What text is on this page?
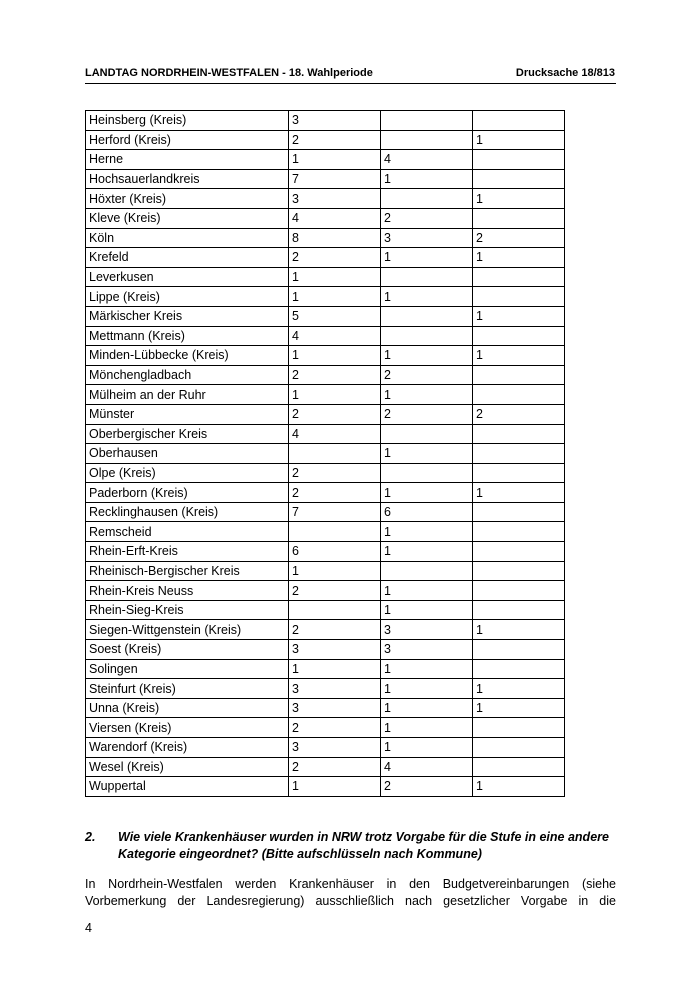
LANDTAG NORDRHEIN-WESTFALEN - 18. Wahlperiode	Drucksache 18/813
Heinsberg (Kreis)	3		
Herford (Kreis)	2		1
Herne	1	4	
Hochsauerlandkreis	7	1	
Höxter (Kreis)	3		1
Kleve (Kreis)	4	2	
Köln	8	3	2
Krefeld	2	1	1
Leverkusen	1		
Lippe (Kreis)	1	1	
Märkischer Kreis	5		1
Mettmann (Kreis)	4		
Minden-Lübbecke (Kreis)	1	1	1
Mönchengladbach	2	2	
Mülheim an der Ruhr	1	1	
Münster	2	2	2
Oberbergischer Kreis	4		
Oberhausen		1	
Olpe (Kreis)	2		
Paderborn (Kreis)	2	1	1
Recklinghausen (Kreis)	7	6	
Remscheid		1	
Rhein-Erft-Kreis	6	1	
Rheinisch-Bergischer Kreis	1		
Rhein-Kreis Neuss	2	1	
Rhein-Sieg-Kreis		1	
Siegen-Wittgenstein (Kreis)	2	3	1
Soest (Kreis)	3	3	
Solingen	1	1	
Steinfurt (Kreis)	3	1	1
Unna (Kreis)	3	1	1
Viersen (Kreis)	2	1	
Warendorf (Kreis)	3	1	
Wesel (Kreis)	2	4	
Wuppertal	1	2	1
2. Wie viele Krankenhäuser wurden in NRW trotz Vorgabe für die Stufe in eine andere Kategorie eingeordnet? (Bitte aufschlüsseln nach Kommune)
In Nordrhein-Westfalen werden Krankenhäuser in den Budgetvereinbarungen (siehe Vorbemerkung der Landesregierung) ausschließlich nach gesetzlicher Vorgabe in die
4
